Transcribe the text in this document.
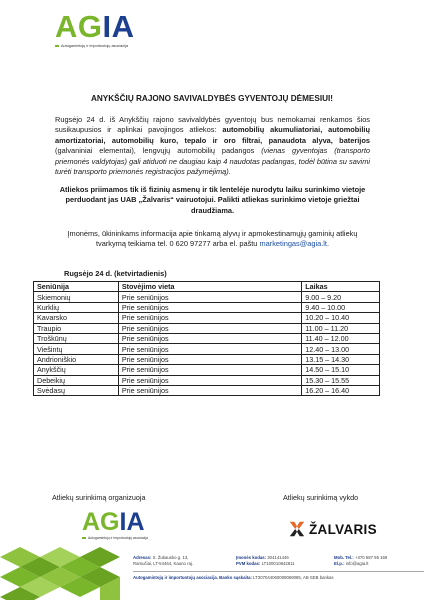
AGIA
Autogamintojų ir importuotojų asociacija
ANYKŠČIŲ RAJONO SAVIVALDYBĖS GYVENTOJŲ DĖMESIUI!
Rugsėjo 24 d. iš Anykščių rajono savivaldybės gyventojų bus nemokamai renkamos šios susikaupusios ir aplinkai pavojingos atliekos: automobilių akumuliatoriai, automobilių amortizatoriai, automobilių kuro, tepalo ir oro filtrai, panaudota alyva, baterijos (galvaniniai elementai), lengvųjų automobilių padangos (vienas gyventojas (transporto priemonės valdytojas) gali atiduoti ne daugiau kaip 4 naudotas padangas, todėl būtina su savimi turėti transporto priemonės registracijos pažymėjimą).
Atliekos priimamos tik iš fizinių asmenų ir tik lentelėje nurodytu laiku surinkimo vietoje perduodant jas UAB „Žalvaris“ vairuotojui. Palikti atliekas surinkimo vietoje griežtai draudžiama.
Įmonėms, ūkininkams informacija apie tinkamą alyvų ir apmokestinamųjų gaminių atliekų tvarkymą teikiama tel. 0 620 97277 arba el. paštu marketingas@agia.lt.
Rugsėjo 24 d. (ketvirtadienis)
Seniūnija	Stovėjimo vieta	Laikas
Skiemonių	Prie seniūnijos	9.00 – 9.20
Kurklių	Prie seniūnijos	9.40 – 10.00
Kavarsko	Prie seniūnijos	10.20 – 10.40
Traupio	Prie seniūnijos	11.00 – 11.20
Troškūnų	Prie seniūnijos	11.40 – 12.00
Viešintų	Prie seniūnijos	12.40 – 13.00
Andrioniškio	Prie seniūnijos	13.15 – 14.30
Anykščių	Prie seniūnijos	14.50 – 15.10
Debeikių	Prie seniūnijos	15.30 – 15.55
Svėdasų	Prie seniūnijos	16.20 – 16.40
Atliekų surinkimą organizuoja	Atliekų surinkimą vykdo
AGIA
Autogamintojų ir importuotojų asociacija
ŽALVARIS
Adresas: S. Žukausko g. 13,
Ramučiai, LT-54464, Kauno raj.
Įmonės kodas: 304141446
PVM kodas: LT100010842811
Mob. Tel.: +370 687 95 159
El.p.: info@agia.lt
Autogamintojų ir importuotojų asociacija. Banko sąskaita: LT307044060008069085, AB SEB bankas
